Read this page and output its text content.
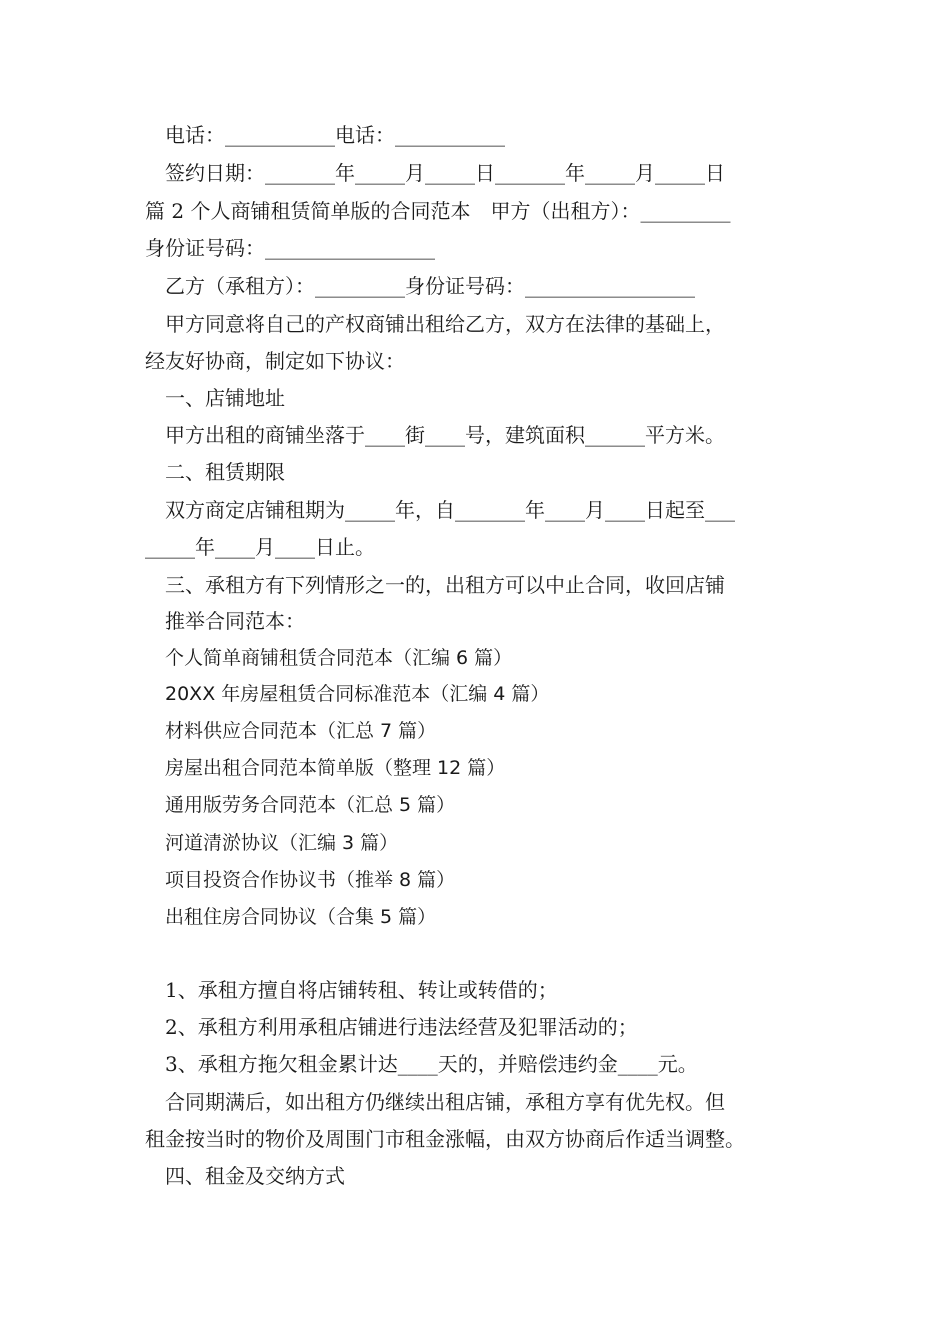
电话：___________电话：___________
签约日期：_______年_____月_____日_______年_____月_____日
篇 2 个人商铺租赁简单版的合同范本　甲方（出租方）：_________
身份证号码：_________________
乙方（承租方）：_________身份证号码：_________________
甲方同意将自己的产权商铺出租给乙方，双方在法律的基础上，
经友好协商，制定如下协议：
一、店铺地址
甲方出租的商铺坐落于____街____号，建筑面积______平方米。
二、租赁期限
双方商定店铺租期为_____年，自_______年____月____日起至___
_____年____月____日止。
三、承租方有下列情形之一的，出租方可以中止合同，收回店铺
推举合同范本：
个人简单商铺租赁合同范本（汇编 6 篇）
20XX 年房屋租赁合同标准范本（汇编 4 篇）
材料供应合同范本（汇总 7 篇）
房屋出租合同范本简单版（整理 12 篇）
通用版劳务合同范本（汇总 5 篇）
河道清淤协议（汇编 3 篇）
项目投资合作协议书（推举 8 篇）
出租住房合同协议（合集 5 篇）
1、承租方擅自将店铺转租、转让或转借的；
2、承租方利用承租店铺进行违法经营及犯罪活动的；
3、承租方拖欠租金累计达____天的，并赔偿违约金____元。
合同期满后，如出租方仍继续出租店铺，承租方享有优先权。但
租金按当时的物价及周围门市租金涨幅，由双方协商后作适当调整。
四、租金及交纳方式
